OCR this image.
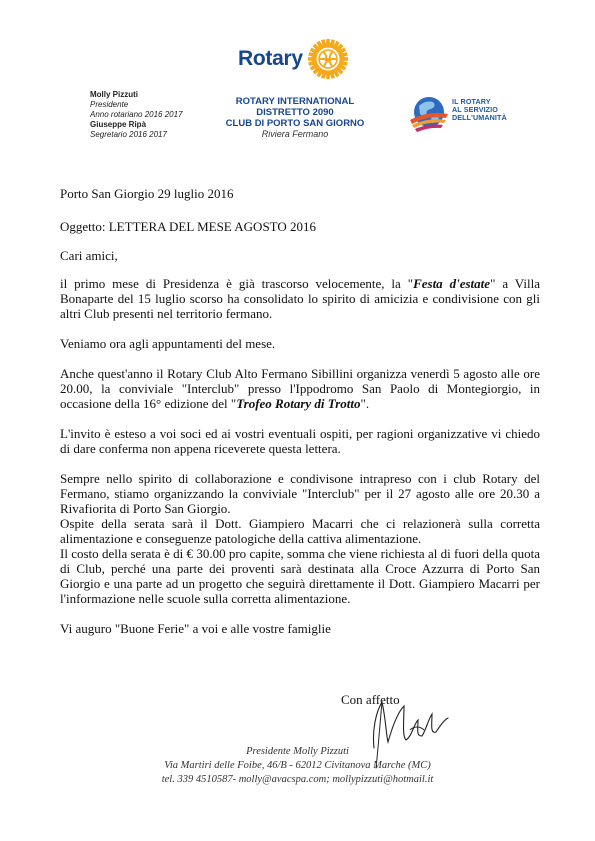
Rotary
Molly Pizzuti
Presidente
Anno rotariano 2016 2017
Giuseppe Ripà
Segretario 2016 2017
ROTARY INTERNATIONAL
DISTRETTO 2090
CLUB DI PORTO SAN GIORNO
Riviera Fermano
IL ROTARY
AL SERVIZIO
DELL'UMANITÀ

Porto San Giorgio 29 luglio 2016

Oggetto: LETTERA DEL MESE AGOSTO 2016

Cari amici,

il primo mese di Presidenza è già trascorso velocemente, la "Festa d'estate" a Villa Bonaparte del 15 luglio scorso ha consolidato lo spirito di amicizia e condivisione con gli altri Club presenti nel territorio fermano.

Veniamo ora agli appuntamenti del mese.

Anche quest'anno il Rotary Club Alto Fermano Sibillini organizza venerdì 5 agosto alle ore 20.00, la conviviale "Interclub" presso l'Ippodromo San Paolo di Montegiorgio, in occasione della 16° edizione del "Trofeo Rotary di Trotto".

L'invito è esteso a voi soci ed ai vostri eventuali ospiti, per ragioni organizzative vi chiedo di dare conferma non appena riceverete questa lettera.

Sempre nello spirito di collaborazione e condivisone intrapreso con i club Rotary del Fermano, stiamo organizzando la conviviale "Interclub" per il 27 agosto alle ore 20.30 a Rivafiorita di Porto San Giorgio.

Ospite della serata sarà il Dott. Giampiero Macarri che ci relazionerà sulla corretta alimentazione e conseguenze patologiche della cattiva alimentazione.

Il costo della serata è di € 30.00 pro capite, somma che viene richiesta al di fuori della quota di Club, perché una parte dei proventi sarà destinata alla Croce Azzurra di Porto San Giorgio e una parte ad un progetto che seguirà direttamente il Dott. Giampiero Macarri per l'informazione nelle scuole sulla corretta alimentazione.

Vi auguro "Buone Ferie" a voi e alle vostre famiglie

Con affetto
Presidente Molly Pizzuti
Via Martiri delle Foibe, 46/B - 62012 Civitanova Marche (MC)
tel. 339 4510587- molly@avacspa.com; mollypizzuti@hotmail.it
